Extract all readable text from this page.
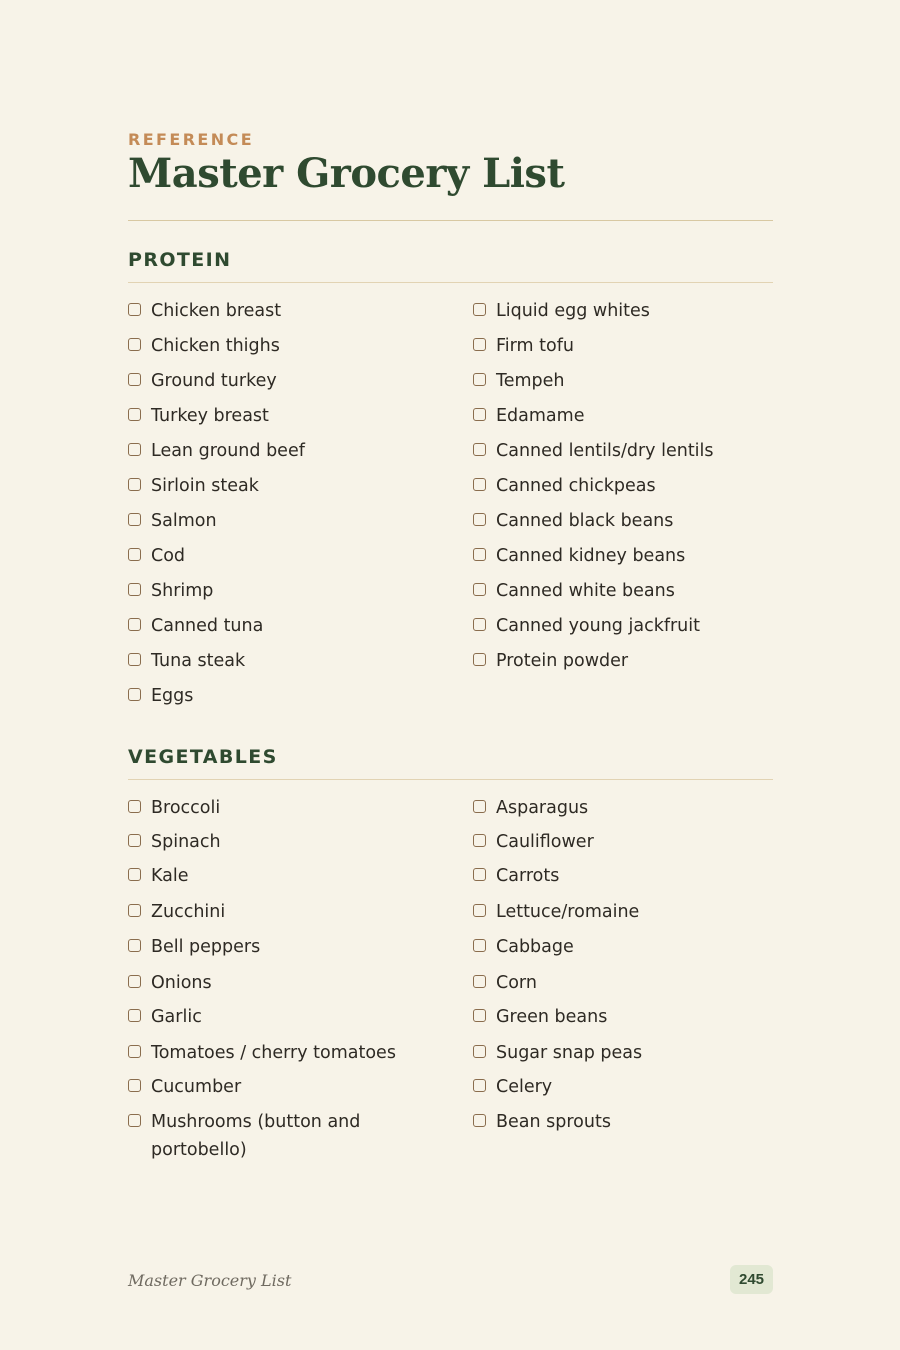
REFERENCE
Master Grocery List
PROTEIN
Chicken breast
Chicken thighs
Ground turkey
Turkey breast
Lean ground beef
Sirloin steak
Salmon
Cod
Shrimp
Canned tuna
Tuna steak
Eggs
Liquid egg whites
Firm tofu
Tempeh
Edamame
Canned lentils/dry lentils
Canned chickpeas
Canned black beans
Canned kidney beans
Canned white beans
Canned young jackfruit
Protein powder
VEGETABLES
Broccoli
Spinach
Kale
Zucchini
Bell peppers
Onions
Garlic
Tomatoes / cherry tomatoes
Cucumber
Mushrooms (button and portobello)
Asparagus
Cauliflower
Carrots
Lettuce/romaine
Cabbage
Corn
Green beans
Sugar snap peas
Celery
Bean sprouts
Master Grocery List	245
